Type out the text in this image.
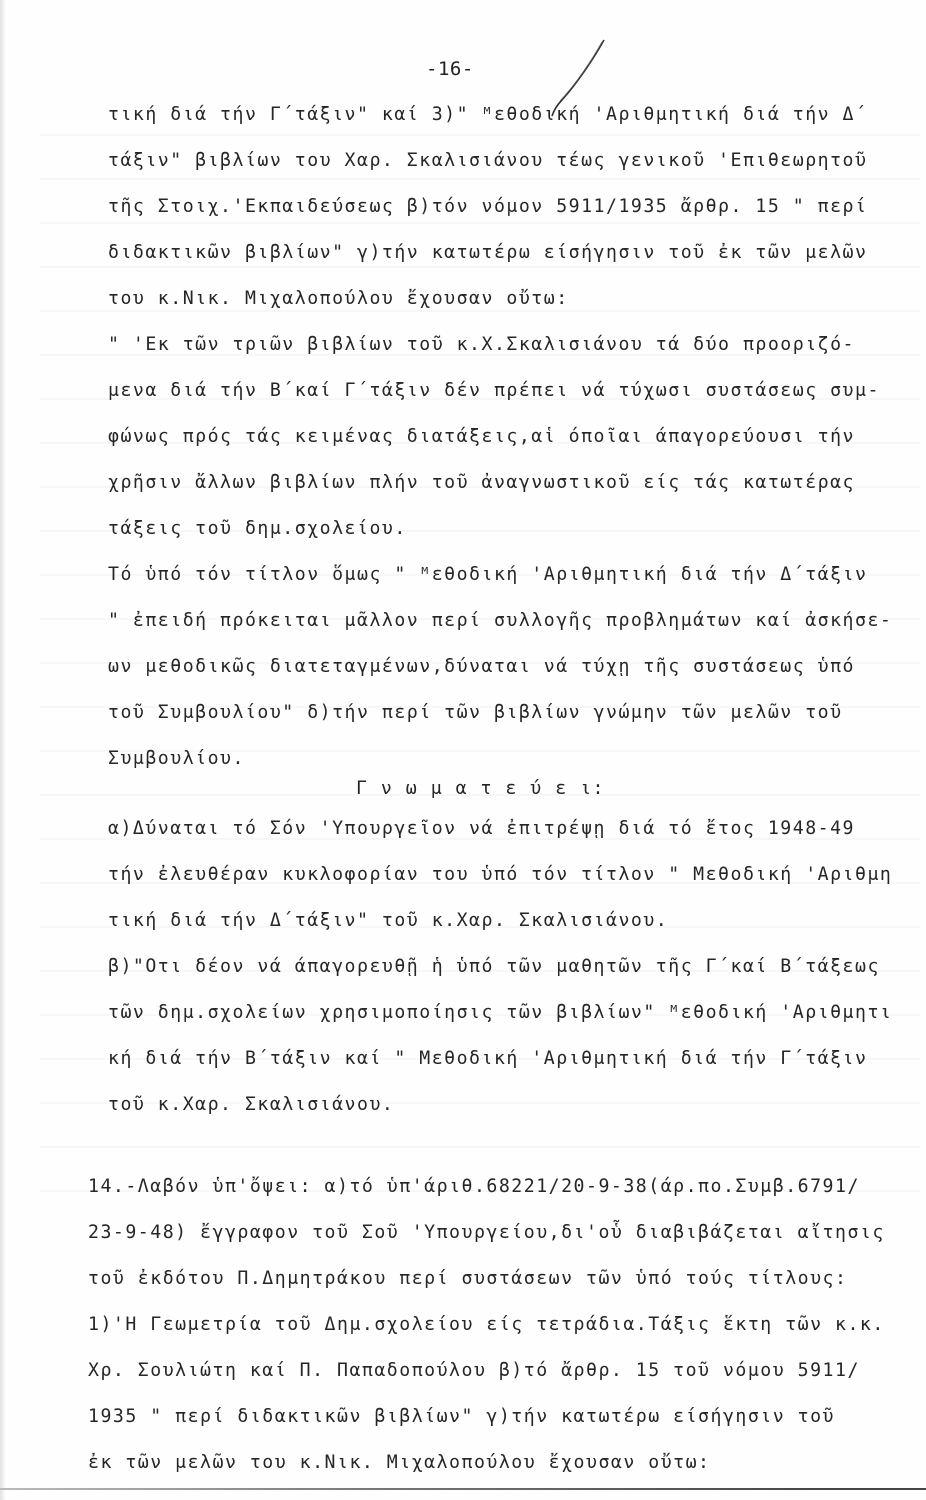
-16-
τική διά τήν Γ΄τάξιν" καί 3)" ᴹεθοδική 'Αριθμητική διά τήν Δ΄
τάξιν" βιβλίων του Χαρ. Σκαλισιάνου τέως γενικοῦ 'Επιθεωρητοῦ
τῆς Στοιχ.'Εκπαιδεύσεως β)τόν νόμον 5911/1935 ἄρθρ. 15 " περί
διδακτικῶν βιβλίων" γ)τήν κατωτέρω είσήγησιν τοῦ ἐκ τῶν μελῶν
του κ.Νικ. Μιχαλοπούλου ἔχουσαν οὔτω:
" 'Εκ τῶν τριῶν βιβλίων τοῦ κ.Χ.Σκαλισιάνου τά δύο προοριζό-
μενα διά τήν Β΄καί Γ΄τάξιν δέν πρέπει νά τύχωσι συστάσεως συμ-
φώνως πρός τάς κειμένας διατάξεις,αἱ όποῖαι άπαγορεύουσι τήν
χρῆσιν ἄλλων βιβλίων πλήν τοῦ ἀναγνωστικοῦ είς τάς κατωτέρας
τάξεις τοῦ δημ.σχολείου.
Τό ὑπό τόν τίτλον ὅμως " ᴹεθοδική 'Αριθμητική διά τήν Δ΄τάξιν
" ἐπειδή πρόκειται μᾶλλον περί συλλογῆς προβλημάτων καί ἀσκήσε-
ων μεθοδικῶς διατεταγμένων,δύναται νά τύχῃ τῆς συστάσεως ὑπό
τοῦ Συμβουλίου" δ)τήν περί τῶν βιβλίων γνώμην τῶν μελῶν τοῦ
Συμβουλίου.
Γ ν ω μ α τ ε ύ ε ι:
α)Δύναται τό Σόν 'Υπουργεῖον νά ἐπιτρέψῃ διά τό ἔτος 1948-49
τήν ἐλευθέραν κυκλοφορίαν του ὑπό τόν τίτλον " Μεθοδική 'Αριθμη
τική διά τήν Δ΄τάξιν" τοῦ κ.Χαρ. Σκαλισιάνου.
β)"Οτι δέον νά άπαγορευθῇ ἡ ὑπό τῶν μαθητῶν τῆς Γ΄καί Β΄τάξεως
τῶν δημ.σχολείων χρησιμοποίησις τῶν βιβλίων" ᴹεθοδική 'Αριθμητι
κή διά τήν Β΄τάξιν καί " Μεθοδική 'Αριθμητική διά τήν Γ΄τάξιν
τοῦ κ.Χαρ. Σκαλισιάνου.
14.-Λαβόν ὑπ'ὄψει: α)τό ὑπ'άριθ.68221/20-9-38(άρ.πο.Συμβ.6791/
23-9-48) ἔγγραφον τοῦ Σοῦ 'Υπουργείου,δι'οὗ διαβιβάζεται αἴτησις
τοῦ ἐκδότου Π.Δημητράκου περί συστάσεων τῶν ὑπό τούς τίτλους:
1)'Η Γεωμετρία τοῦ Δημ.σχολείου είς τετράδια.Τάξις ἕκτη τῶν κ.κ.
Χρ. Σουλιώτη καί Π. Παπαδοπούλου β)τό ἄρθρ. 15 τοῦ νόμου 5911/
1935 " περί διδακτικῶν βιβλίων" γ)τήν κατωτέρω είσήγησιν τοῦ
ἐκ τῶν μελῶν του κ.Νικ. Μιχαλοπούλου ἔχουσαν οὔτω:
